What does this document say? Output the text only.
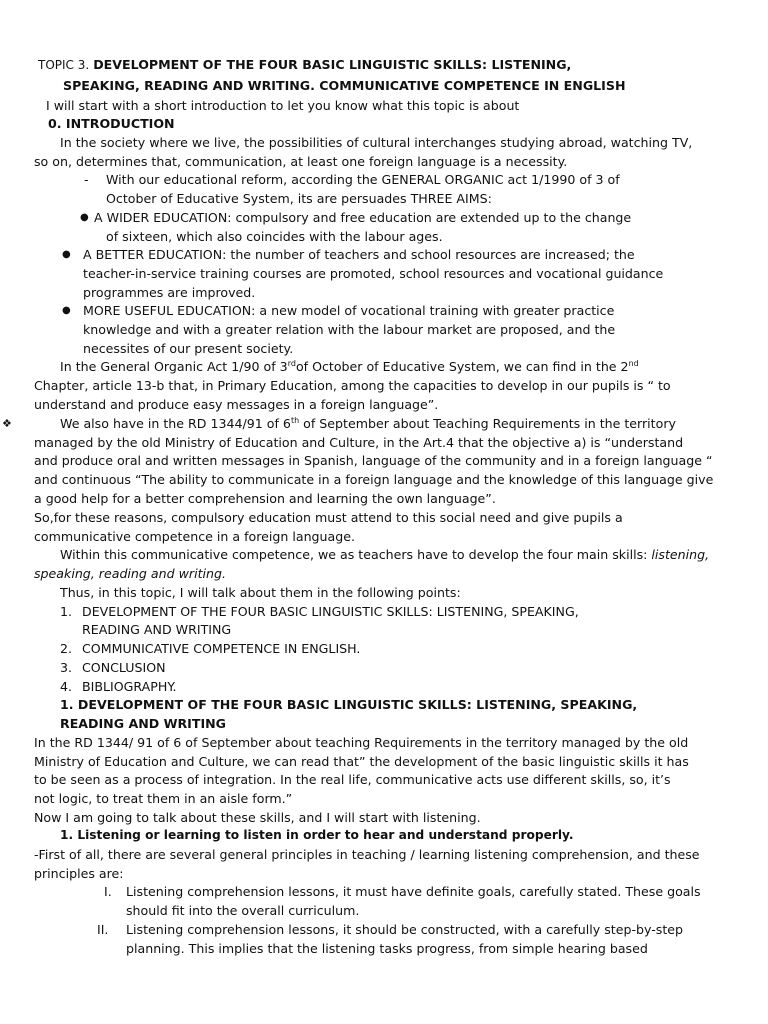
TOPIC 3. DEVELOPMENT OF THE FOUR BASIC LINGUISTIC SKILLS: LISTENING,
SPEAKING, READING AND WRITING. COMMUNICATIVE COMPETENCE IN ENGLISH
I will start with a short introduction to let you know what this topic is about
0. INTRODUCTION
In the society where we live, the possibilities of cultural interchanges studying abroad, watching TV,
so on, determines that, communication, at least one foreign language is a necessity.
- With our educational reform, according the GENERAL ORGANIC act 1/1990 of 3 of
October of Educative System, its are persuades THREE AIMS:
● A WIDER EDUCATION: compulsory and free education are extended up to the change
of sixteen, which also coincides with the labour ages.
● A BETTER EDUCATION: the number of teachers and school resources are increased; the
teacher-in-service training courses are promoted, school resources and vocational guidance
programmes are improved.
● MORE USEFUL EDUCATION: a new model of vocational training with greater practice
knowledge and with a greater relation with the labour market are proposed, and the
necessites of our present society.
In the General Organic Act 1/90 of 3rdof October of Educative System, we can find in the 2nd
Chapter, article 13-b that, in Primary Education, among the capacities to develop in our pupils is “ to
understand and produce easy messages in a foreign language”.
❖	We also have in the RD 1344/91 of 6th of September about Teaching Requirements in the territory
managed by the old Ministry of Education and Culture, in the Art.4 that the objective a) is “understand
and produce oral and written messages in Spanish, language of the community and in a foreign language “
and continuous “The ability to communicate in a foreign language and the knowledge of this language give
a good help for a better comprehension and learning the own language”.
So,for these reasons, compulsory education must attend to this social need and give pupils a
communicative competence in a foreign language.
Within this communicative competence, we as teachers have to develop the four main skills: listening,
speaking, reading and writing.
Thus, in this topic, I will talk about them in the following points:
1. DEVELOPMENT OF THE FOUR BASIC LINGUISTIC SKILLS: LISTENING, SPEAKING,
READING AND WRITING
2. COMMUNICATIVE COMPETENCE IN ENGLISH.
3. CONCLUSION
4. BIBLIOGRAPHY.
1. DEVELOPMENT OF THE FOUR BASIC LINGUISTIC SKILLS: LISTENING, SPEAKING,
READING AND WRITING
In the RD 1344/ 91 of 6 of September about teaching Requirements in the territory managed by the old
Ministry of Education and Culture, we can read that” the development of the basic linguistic skills it has
to be seen as a process of integration. In the real life, communicative acts use different skills, so, it’s
not logic, to treat them in an aisle form.”
Now I am going to talk about these skills, and I will start with listening.
1. Listening or learning to listen in order to hear and understand properly.
-First of all, there are several general principles in teaching / learning listening comprehension, and these
principles are:
I. Listening comprehension lessons, it must have definite goals, carefully stated. These goals
should fit into the overall curriculum.
II. Listening comprehension lessons, it should be constructed, with a carefully step-by-step
planning. This implies that the listening tasks progress, from simple hearing based
